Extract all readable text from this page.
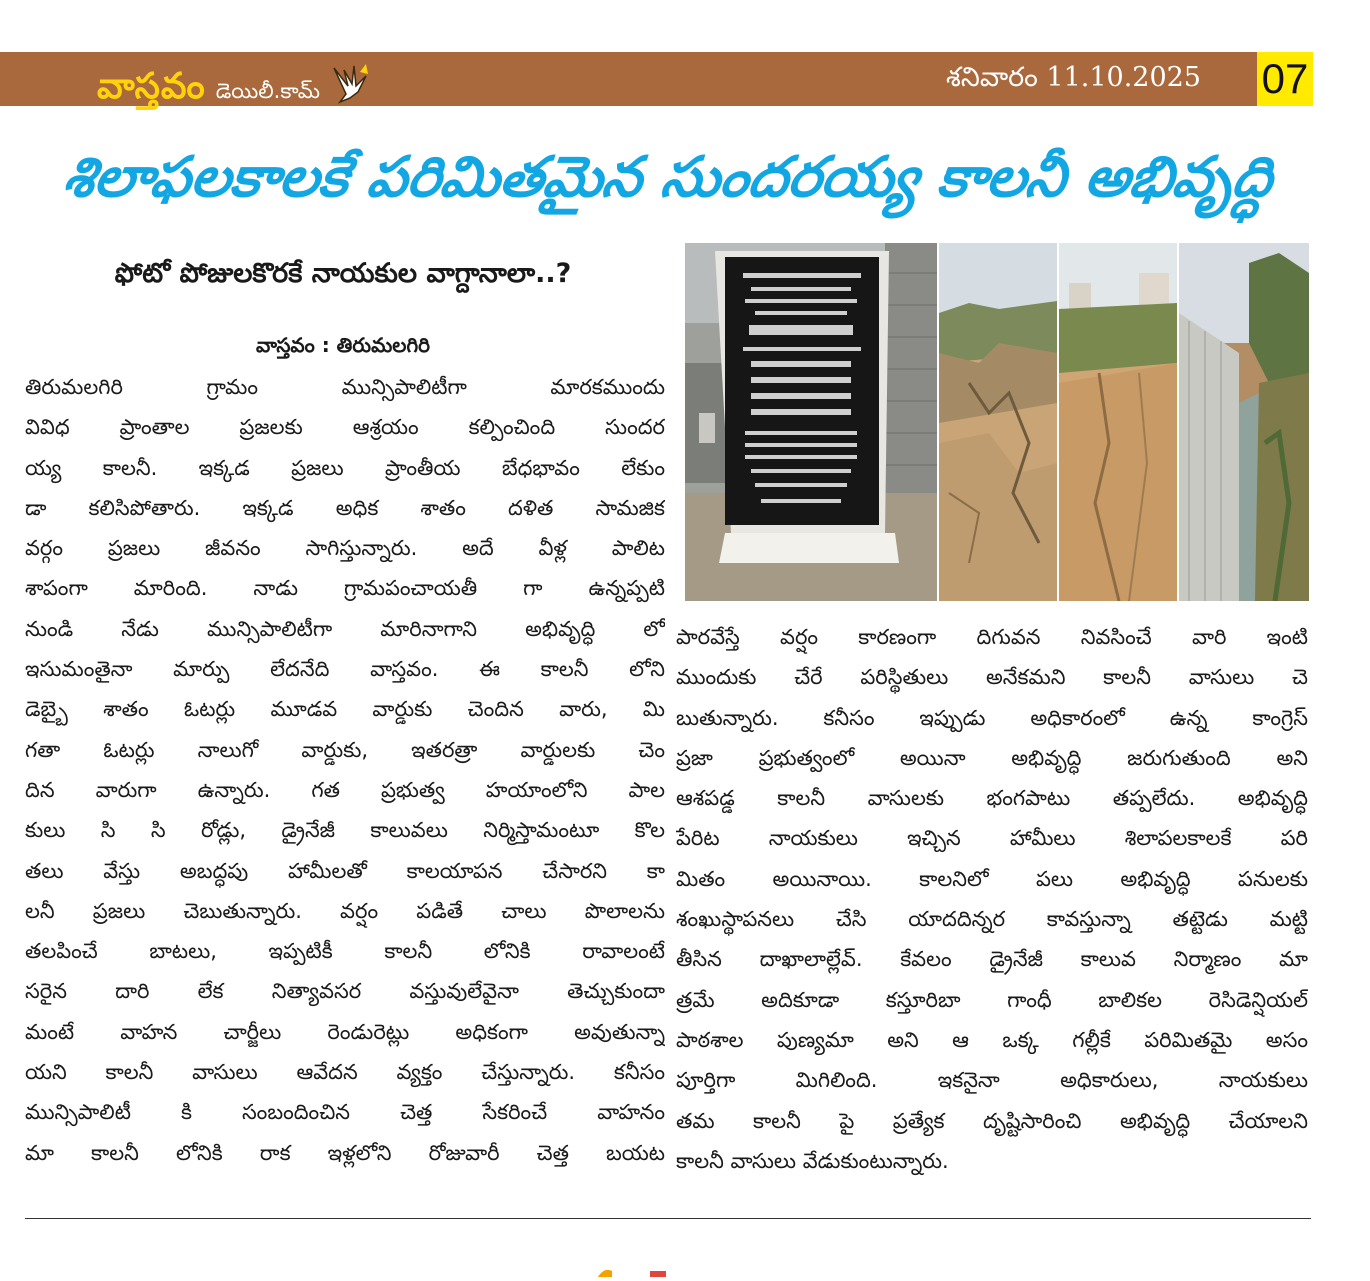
వాస్తవం డెయిలీ.కామ్	శనివారం 11.10.2025 07
శిలాఫలకాలకే పరిమితమైన సుందరయ్య కాలనీ అభివృద్ధి
ఫోటో పోజులకొరకే నాయకుల వాగ్దానాలా..?
వాస్తవం : తిరుమలగిరి
తిరుమలగిరి గ్రామం మున్సిపాలిటీగా మారకముందు
వివిధ ప్రాంతాల ప్రజలకు ఆశ్రయం కల్పించింది సుందర
య్య కాలనీ. ఇక్కడ ప్రజలు ప్రాంతీయ బేధభావం లేకుం
డా కలిసిపోతారు. ఇక్కడ అధిక శాతం దళిత సామజిక
వర్గం ప్రజలు జీవనం సాగిస్తున్నారు. అదే వీళ్ల పాలిట
శాపంగా మారింది. నాడు గ్రామపంచాయతీ గా ఉన్నప్పటి
నుండి నేడు మున్సిపాలిటీగా మారినాగాని అభివృద్ధి లో
ఇసుమంతైనా మార్పు లేదనేది వాస్తవం. ఈ కాలనీ లోని
డెబ్బై శాతం ఓటర్లు మూడవ వార్డుకు చెందిన వారు, మి
గతా ఓటర్లు నాలుగో వార్డుకు, ఇతరత్రా వార్డులకు చెం
దిన వారుగా ఉన్నారు. గత ప్రభుత్వ హయాంలోని పాల
కులు సి సి రోడ్లు, డ్రైనేజీ కాలువలు నిర్మిస్తామంటూ కొల
తలు వేస్తు అబద్ధపు హామీలతో కాలయాపన చేసారని కా
లనీ ప్రజలు చెబుతున్నారు. వర్షం పడితే చాలు పొలాలను
తలపించే బాటలు, ఇప్పటికీ కాలనీ లోనికి రావాలంటే
సరైన దారి లేక నిత్యావసర వస్తువులేవైనా తెచ్చుకుందా
మంటే వాహన చార్జీలు రెండురెట్లు అధికంగా అవుతున్నా
యని కాలనీ వాసులు ఆవేదన వ్యక్తం చేస్తున్నారు. కనీసం
మున్సిపాలిటీ కి సంబందించిన చెత్త సేకరించే వాహనం
మా కాలనీ లోనికి రాక ఇళ్లలోని రోజువారీ చెత్త బయట
పారవేస్తే వర్షం కారణంగా దిగువన నివసించే వారి ఇంటి
ముందుకు చేరే పరిస్థితులు అనేకమని కాలనీ వాసులు చె
బుతున్నారు. కనీసం ఇప్పుడు అధికారంలో ఉన్న కాంగ్రెస్
ప్రజా ప్రభుత్వంలో అయినా అభివృద్ధి జరుగుతుంది అని
ఆశపడ్డ కాలనీ వాసులకు భంగపాటు తప్పలేదు. అభివృద్ధి
పేరిట నాయకులు ఇచ్చిన హామీలు శిలాపలకాలకే పరి
మితం అయినాయి. కాలనిలో పలు అభివృద్ధి పనులకు
శంఖుస్థాపనలు చేసి యాదదిన్నర కావస్తున్నా తట్టెడు మట్టి
తీసిన దాఖాలాల్లేవ్. కేవలం డ్రైనేజీ కాలువ నిర్మాణం మా
త్రమే అదికూడా కస్తూరిబా గాంధీ బాలికల రెసిడెన్షియల్
పాఠశాల పుణ్యమా అని ఆ ఒక్క గల్లీకే పరిమితమై అసం
పూర్తిగా మిగిలింది. ఇకనైనా అధికారులు, నాయకులు
తమ కాలనీ పై ప్రత్యేక దృష్టిసారించి అభివృద్ధి చేయాలని
కాలనీ వాసులు వేడుకుంటున్నారు.
